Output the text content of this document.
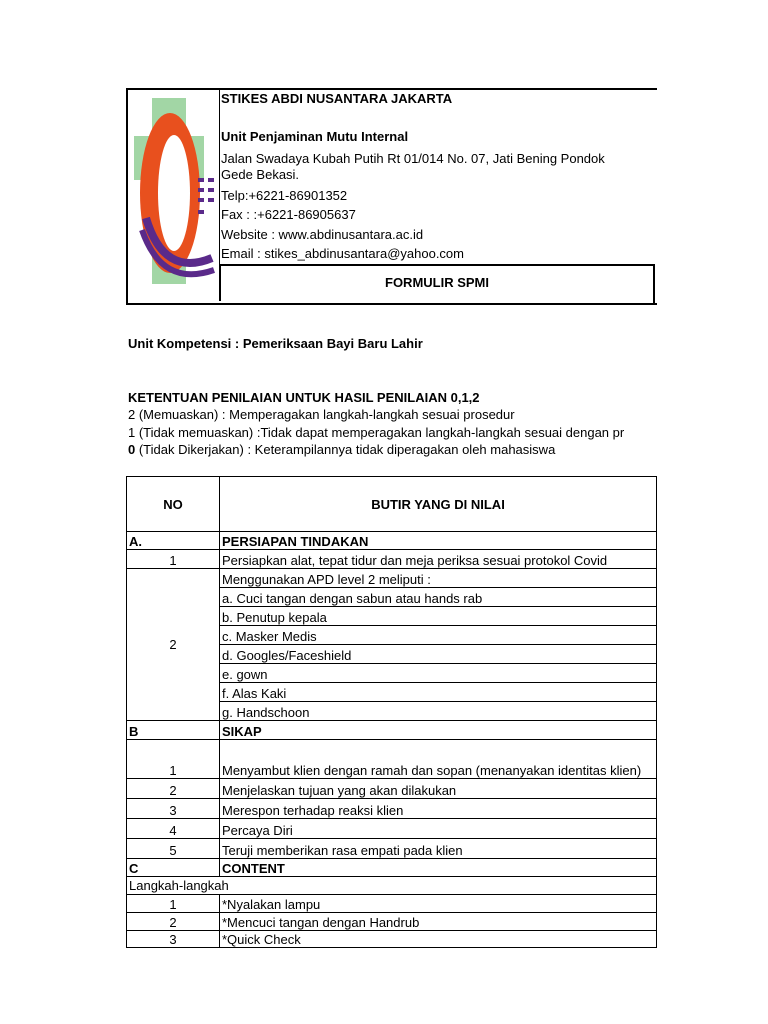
STIKES ABDI NUSANTARA JAKARTA
Unit Penjaminan Mutu Internal
Jalan Swadaya Kubah Putih Rt 01/014 No. 07, Jati Bening Pondok
Gede Bekasi.
Telp:+6221-86901352
Fax : :+6221-86905637
Website : www.abdinusantara.ac.id
Email : stikes_abdinusantara@yahoo.com
FORMULIR SPMI
Unit Kompetensi : Pemeriksaan Bayi Baru Lahir
KETENTUAN PENILAIAN UNTUK HASIL PENILAIAN 0,1,2
2 (Memuaskan) : Memperagakan langkah-langkah sesuai prosedur
1 (Tidak memuaskan) :Tidak dapat memperagakan langkah-langkah sesuai dengan pr
0 (Tidak Dikerjakan) : Keterampilannya tidak diperagakan oleh mahasiswa
NO	BUTIR YANG DI NILAI
A.	PERSIAPAN TINDAKAN
1	Persiapkan alat, tepat tidur dan meja periksa sesuai protokol Covid
2	Menggunakan APD level 2 meliputi :
	a. Cuci tangan dengan sabun atau hands rab
	b. Penutup kepala
	c. Masker Medis
	d. Googles/Faceshield
	e. gown
	f. Alas Kaki
	g. Handschoon
B	SIKAP
1	Menyambut klien dengan ramah dan sopan (menanyakan identitas klien)
2	Menjelaskan tujuan yang akan dilakukan
3	Merespon terhadap reaksi klien
4	Percaya Diri
5	Teruji memberikan rasa empati pada klien
C	CONTENT

Langkah-langkah	

1	*Nyalakan lampu
2	*Mencuci tangan dengan Handrub
3	*Quick Check
